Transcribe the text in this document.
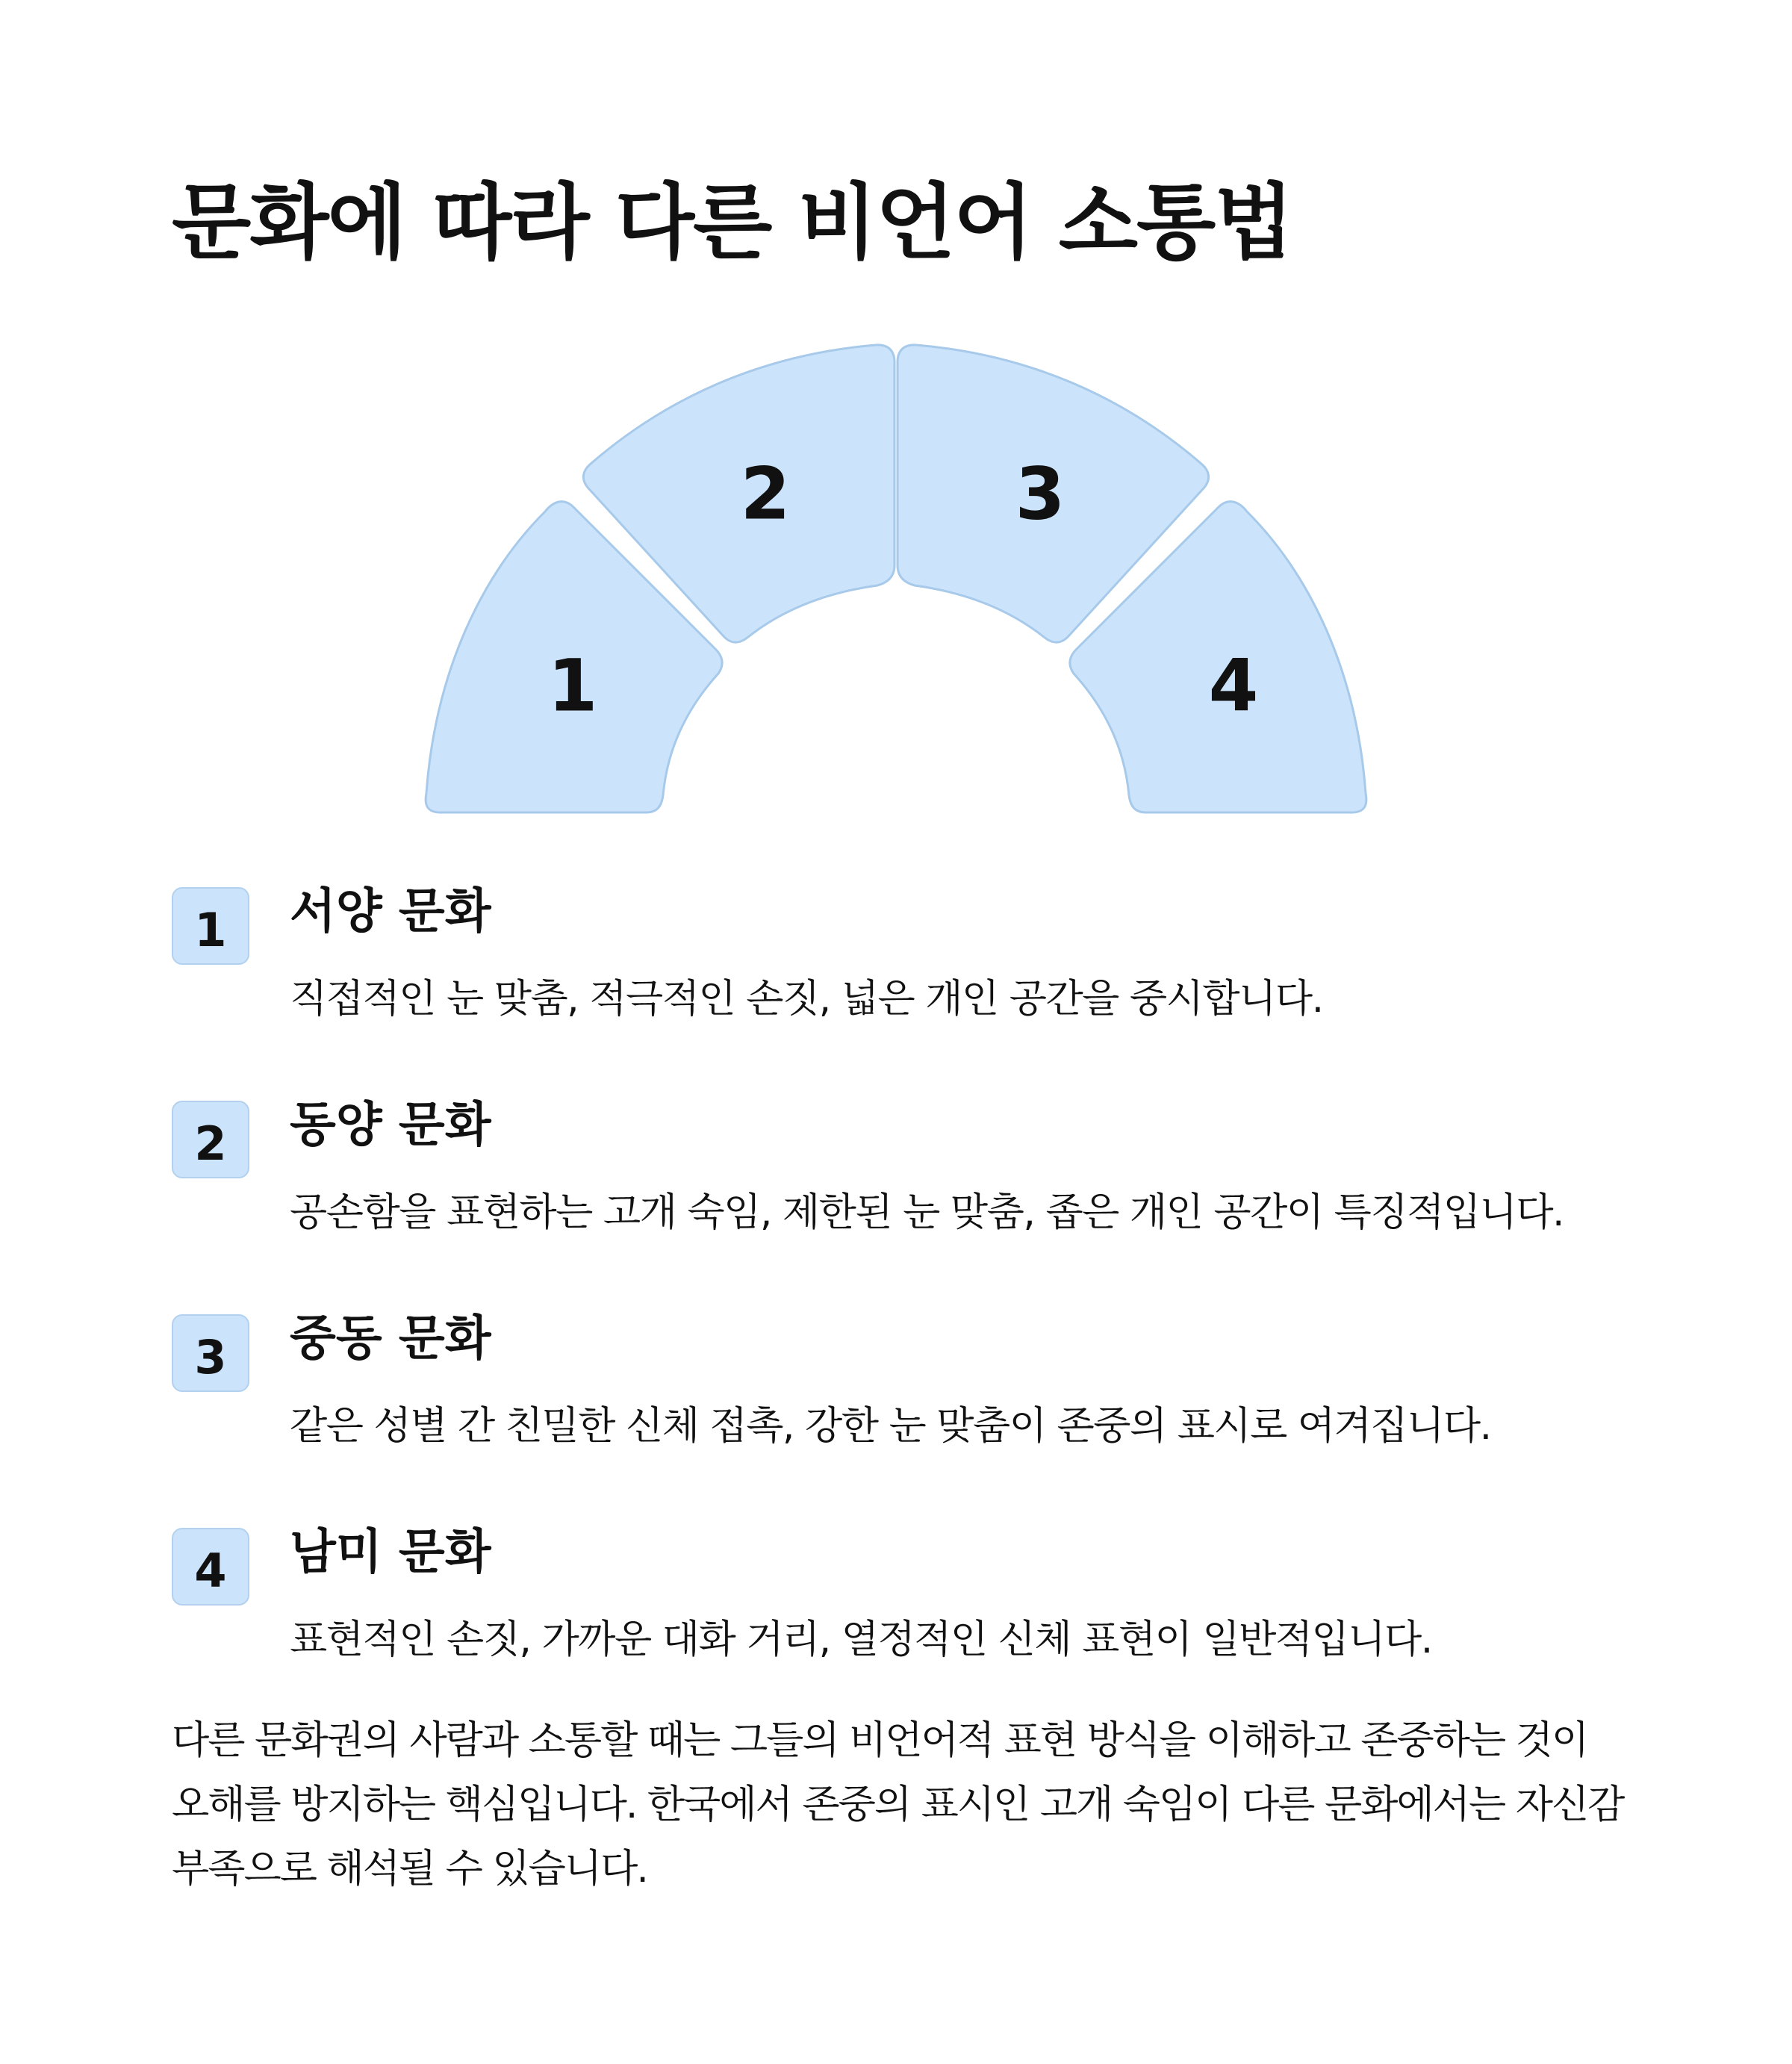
문화에 따라 다른 비언어 소통법
1
2	3
4
1	서양 문화

직접적인 눈 맞춤, 적극적인 손짓, 넓은 개인 공간을 중시합니다.

2	동양 문화

공손함을 표현하는 고개 숙임, 제한된 눈 맞춤, 좁은 개인 공간이 특징적입니다.

3	중동 문화

같은 성별 간 친밀한 신체 접촉, 강한 눈 맞춤이 존중의 표시로 여겨집니다.

4	남미 문화

표현적인 손짓, 가까운 대화 거리, 열정적인 신체 표현이 일반적입니다.

다른 문화권의 사람과 소통할 때는 그들의 비언어적 표현 방식을 이해하고 존중하는 것이 오해를 방지하는 핵심입니다. 한국에서 존중의 표시인 고개 숙임이 다른 문화에서는 자신감 부족으로 해석될 수 있습니다.
